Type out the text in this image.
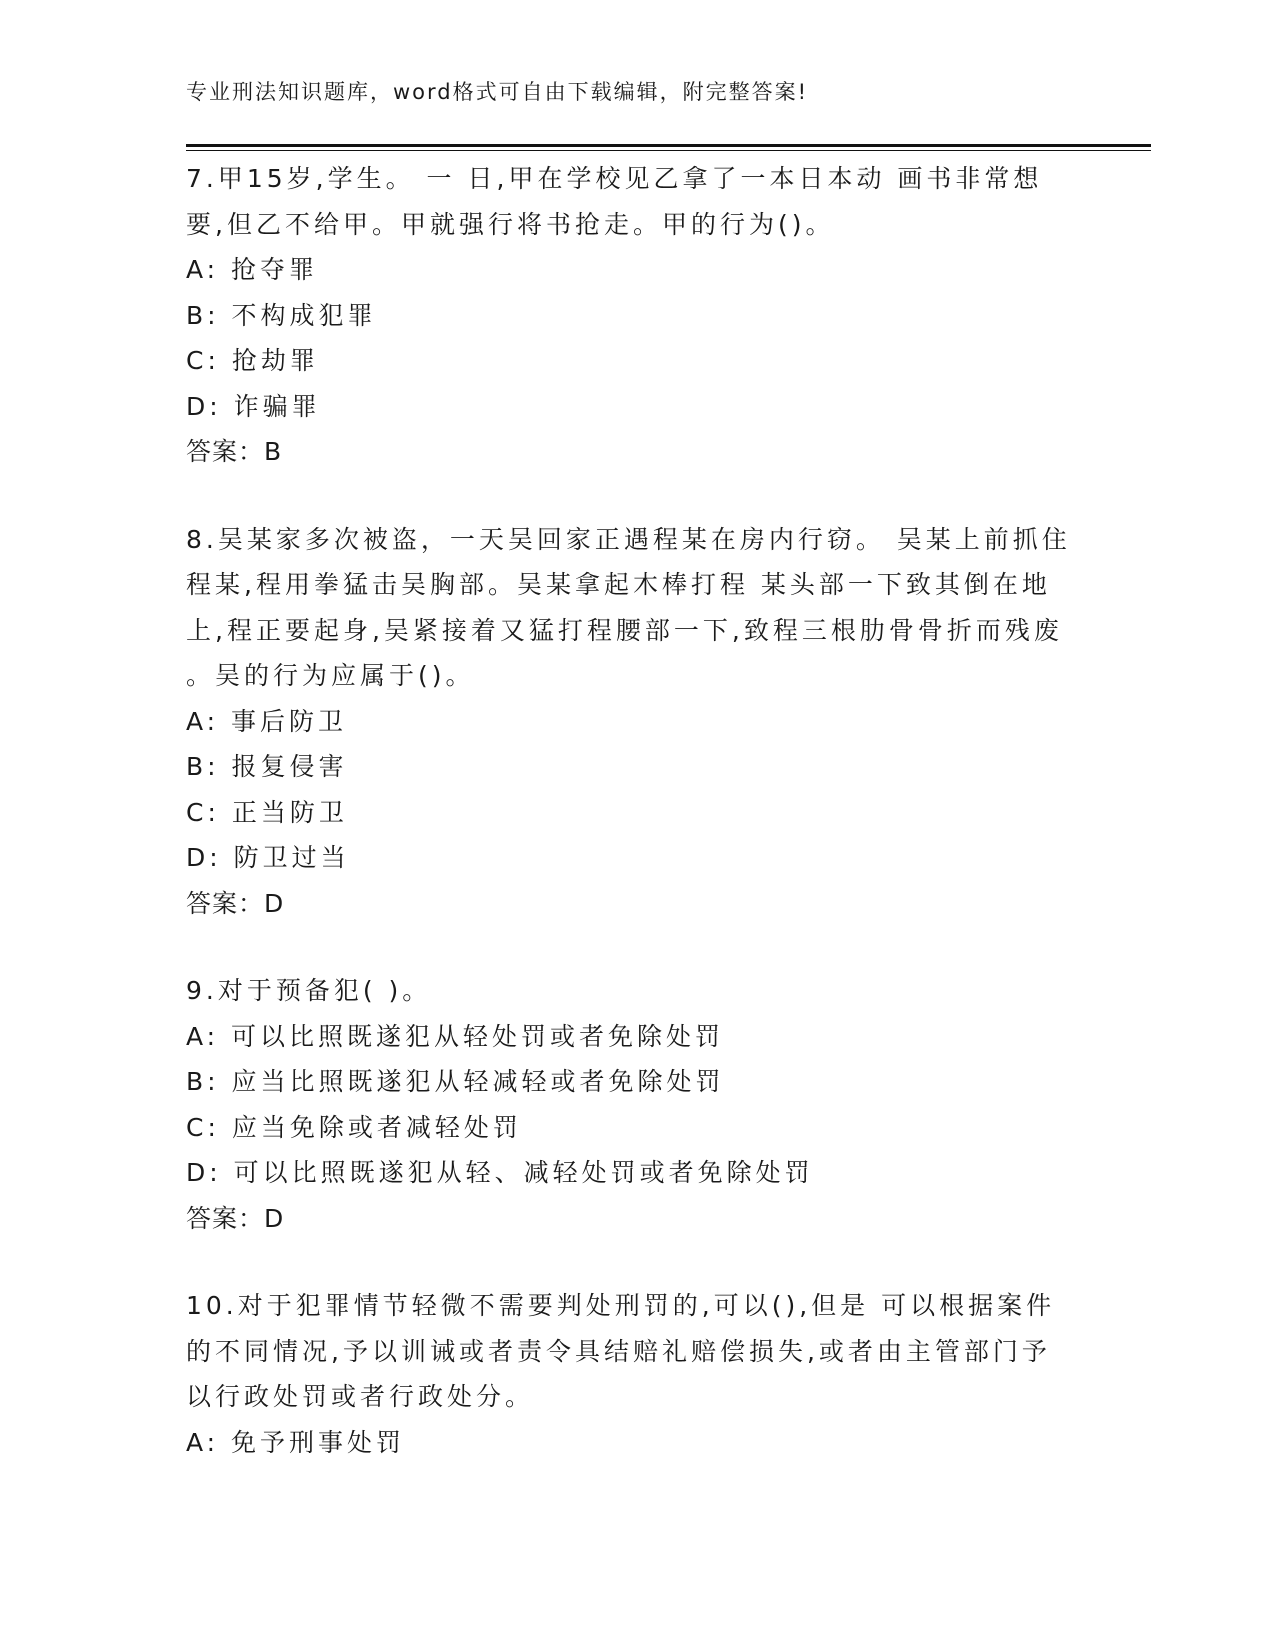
专业刑法知识题库，word格式可自由下载编辑，附完整答案!
7.甲15岁,学生。 一 日,甲在学校见乙拿了一本日本动 画书非常想
要,但乙不给甲。甲就强行将书抢走。甲的行为()。
A: 抢夺罪
B: 不构成犯罪
C: 抢劫罪
D: 诈骗罪
答案：B
8.吴某家多次被盗，一天吴回家正遇程某在房内行窃。 吴某上前抓住
程某,程用拳猛击吴胸部。吴某拿起木棒打程 某头部一下致其倒在地
上,程正要起身,吴紧接着又猛打程腰部一下,致程三根肋骨骨折而残废
。吴的行为应属于()。
A: 事后防卫
B: 报复侵害
C: 正当防卫
D: 防卫过当
答案：D
9.对于预备犯( )。
A: 可以比照既遂犯从轻处罚或者免除处罚
B: 应当比照既遂犯从轻减轻或者免除处罚
C: 应当免除或者减轻处罚
D: 可以比照既遂犯从轻、减轻处罚或者免除处罚
答案：D
10.对于犯罪情节轻微不需要判处刑罚的,可以(),但是 可以根据案件
的不同情况,予以训诫或者责令具结赔礼赔偿损失,或者由主管部门予
以行政处罚或者行政处分。
A: 免予刑事处罚
